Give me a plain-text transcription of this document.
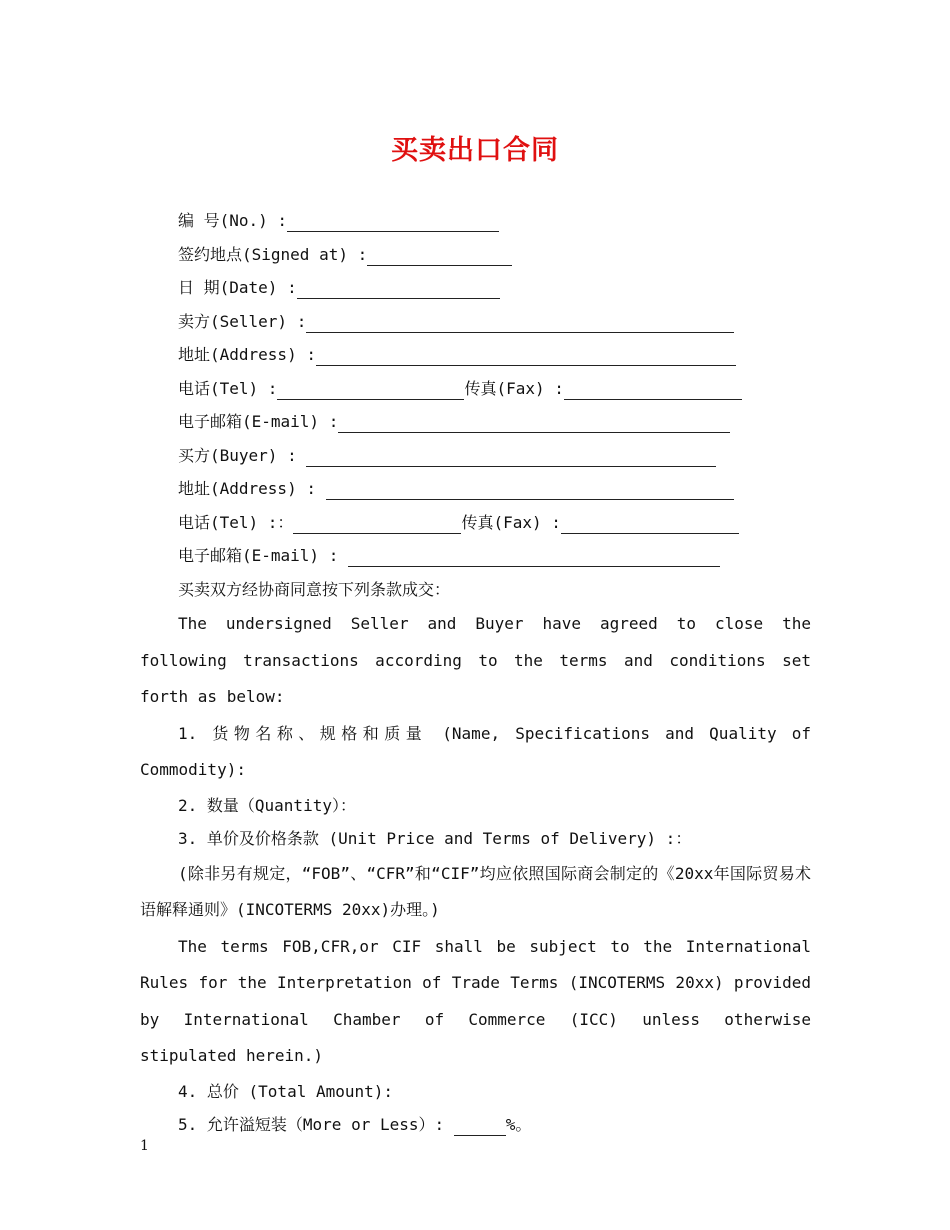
买卖出口合同
编 号(No.) :
签约地点(Signed at) :
日 期(Date) :
卖方(Seller) :
地址(Address) :
电话(Tel) :	传真(Fax) :
电子邮箱(E-mail) :
买方(Buyer) :
地址(Address) :
电话(Tel) :：	传真(Fax) :
电子邮箱(E-mail) :
买卖双方经协商同意按下列条款成交：
The undersigned Seller and Buyer have agreed to close the following transactions according to the terms and conditions set forth as below:
1. 货物名称、规格和质量 (Name, Specifications and Quality of Commodity):
2. 数量（Quantity）：
3. 单价及价格条款 (Unit Price and Terms of Delivery) :：
(除非另有规定，“FOB”、“CFR”和“CIF”均应依照国际商会制定的《20xx年国际贸易术语解释通则》(INCOTERMS 20xx)办理。)
The terms FOB,CFR,or CIF shall be subject to the International Rules for the Interpretation of Trade Terms (INCOTERMS 20xx) provided by International Chamber of Commerce (ICC) unless otherwise stipulated herein.)
4. 总价 (Total Amount):
5. 允许溢短装（More or Less）:	%。
1
